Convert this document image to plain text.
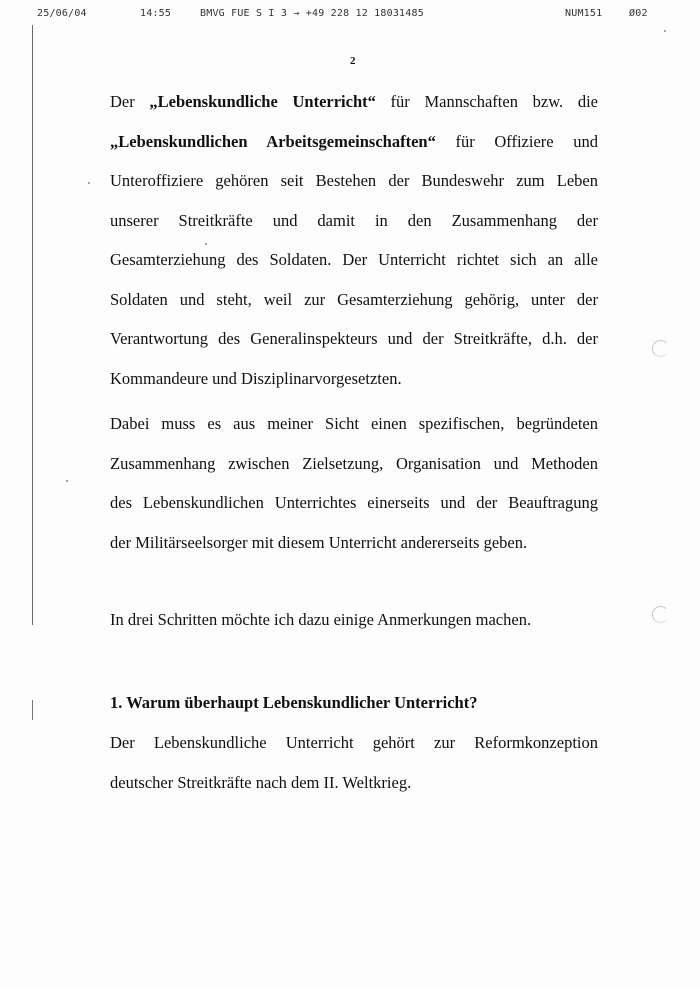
25/06/04	14:55	BMVG FUE S I 3 → +49 228 12 18031485	NUM151	Ø02
2
Der „Lebenskundliche Unterricht“ für Mannschaften bzw. die
„Lebenskundlichen Arbeitsgemeinschaften“ für Offiziere und
Unteroffiziere gehören seit Bestehen der Bundeswehr zum Leben
unserer Streitkräfte und damit in den Zusammenhang der
Gesamterziehung des Soldaten. Der Unterricht richtet sich an alle
Soldaten und steht, weil zur Gesamterziehung gehörig, unter der
Verantwortung des Generalinspekteurs und der Streitkräfte, d.h. der
Kommandeure und Disziplinarvorgesetzten.
Dabei muss es aus meiner Sicht einen spezifischen, begründeten
Zusammenhang zwischen Zielsetzung, Organisation und Methoden
des Lebenskundlichen Unterrichtes einerseits und der Beauftragung
der Militärseelsorger mit diesem Unterricht andererseits geben.
In drei Schritten möchte ich dazu einige Anmerkungen machen.
1. Warum überhaupt Lebenskundlicher Unterricht?
Der Lebenskundliche Unterricht gehört zur Reformkonzeption
deutscher Streitkräfte nach dem II. Weltkrieg.
